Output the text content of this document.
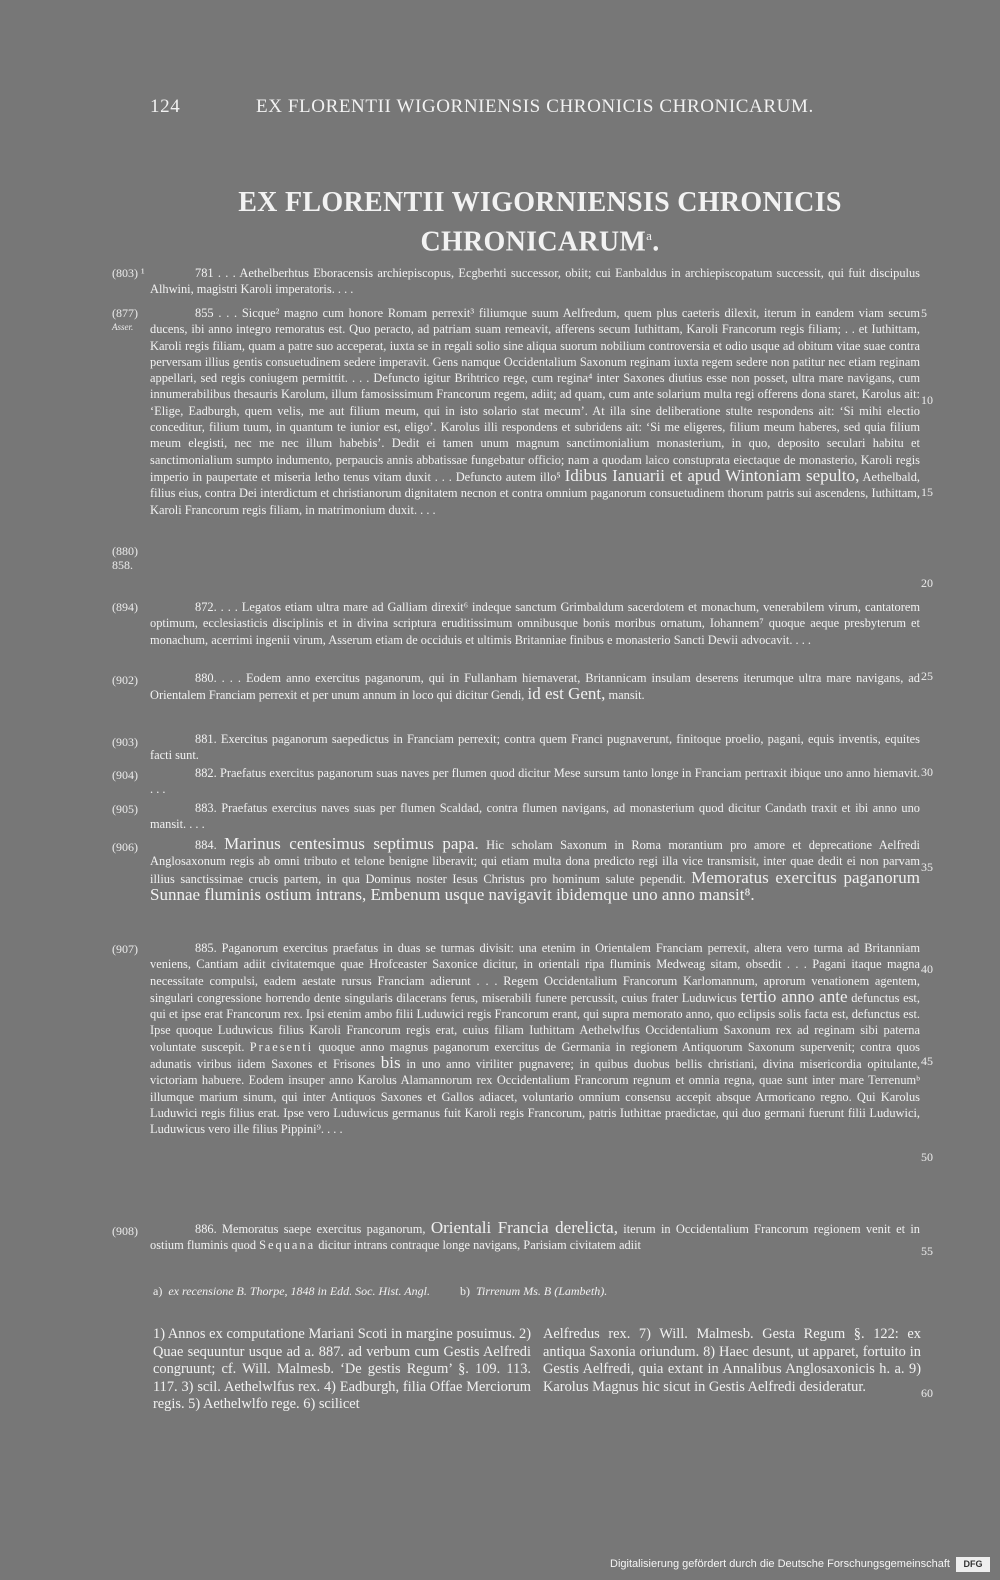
124	EX FLORENTII WIGORNIENSIS CHRONICIS CHRONICARUM.
EX FLORENTII WIGORNIENSIS CHRONICIS
CHRONICARUM$^a$.
(803) ¹
(877)
Asser.
(880)
858.
(894)
(902)
(903)
(904)
(905)
(906)
(907)
(908)
5
10
15
20
25
30
35
40
45
50
55
60
781 . . . Aethelberhtus Eboracensis archiepiscopus, Ecgberhti successor, obiit; cui Eanbaldus in archiepiscopatum successit, qui fuit discipulus Alhwini, magistri Karoli imperatoris. . . .
855 . . . Sicque² magno cum honore Romam perrexit³ filiumque suum Aelfredum, quem plus caeteris dilexit, iterum in eandem viam secum ducens, ibi anno integro remoratus est. Quo peracto, ad patriam suam remeavit, afferens secum Iuthittam, Karoli Francorum regis filiam; . . et Iuthittam, Karoli regis filiam, quam a patre suo acceperat, iuxta se in regali solio sine aliqua suorum nobilium controversia et odio usque ad obitum vitae suae contra perversam illius gentis consuetudinem sedere imperavit. Gens namque Occidentalium Saxonum reginam iuxta regem sedere non patitur nec etiam reginam appellari, sed regis coniugem permittit. . . . Defuncto igitur Brihtrico rege, cum regina⁴ inter Saxones diutius esse non posset, ultra mare navigans, cum innumerabilibus thesauris Karolum, illum famosissimum Francorum regem, adiit; ad quam, cum ante solarium multa regi offerens dona staret, Karolus ait: ‘Elige, Eadburgh, quem velis, me aut filium meum, qui in isto solario stat mecum’. At illa sine deliberatione stulte respondens ait: ‘Si mihi electio conceditur, filium tuum, in quantum te iunior est, eligo’. Karolus illi respondens et subridens ait: ‘Si me eligeres, filium meum haberes, sed quia filium meum elegisti, nec me nec illum habebis’. Dedit ei tamen unum magnum sanctimonialium monasterium, in quo, deposito seculari habitu et sanctimonialium sumpto indumento, perpaucis annis abbatissae fungebatur officio; nam a quodam laico constuprata eiectaque de monasterio, Karoli regis imperio in paupertate et miseria letho tenus vitam duxit . . . Defuncto autem illo⁵ Idibus Ianuarii et apud Wintoniam sepulto, Aethelbald, filius eius, contra Dei interdictum et christianorum dignitatem necnon et contra omnium paganorum consuetudinem thorum patris sui ascendens, Iuthittam, Karoli Francorum regis filiam, in matrimonium duxit. . . .
872. . . . Legatos etiam ultra mare ad Galliam direxit⁶ indeque sanctum Grimbaldum sacerdotem et monachum, venerabilem virum, cantatorem optimum, ecclesiasticis disciplinis et in divina scriptura eruditissimum omnibusque bonis moribus ornatum, Iohannem⁷ quoque aeque presbyterum et monachum, acerrimi ingenii virum, Asserum etiam de occiduis et ultimis Britanniae finibus e monasterio Sancti Dewii advocavit. . . .
880. . . . Eodem anno exercitus paganorum, qui in Fullanham hiemaverat, Britannicam insulam deserens iterumque ultra mare navigans, ad Orientalem Franciam perrexit et per unum annum in loco qui dicitur Gendi, id est Gent, mansit.
881. Exercitus paganorum saepedictus in Franciam perrexit; contra quem Franci pugnaverunt, finitoque proelio, pagani, equis inventis, equites facti sunt.
882. Praefatus exercitus paganorum suas naves per flumen quod dicitur Mese sursum tanto longe in Franciam pertraxit ibique uno anno hiemavit. . . .
883. Praefatus exercitus naves suas per flumen Scaldad, contra flumen navigans, ad monasterium quod dicitur Candath traxit et ibi anno uno mansit. . . .
884. Marinus centesimus septimus papa. Hic scholam Saxonum in Roma morantium pro amore et deprecatione Aelfredi Anglosaxonum regis ab omni tributo et telone benigne liberavit; qui etiam multa dona predicto regi illa vice transmisit, inter quae dedit ei non parvam illius sanctissimae crucis partem, in qua Dominus noster Iesus Christus pro hominum salute pependit. Memoratus exercitus paganorum Sunnae fluminis ostium intrans, Embenum usque navigavit ibidemque uno anno mansit⁸.
885. Paganorum exercitus praefatus in duas se turmas divisit: una etenim in Orientalem Franciam perrexit, altera vero turma ad Britanniam veniens, Cantiam adiit civitatemque quae Hrofceaster Saxonice dicitur, in orientali ripa fluminis Medweag sitam, obsedit . . . Pagani itaque magna necessitate compulsi, eadem aestate rursus Franciam adierunt . . . Regem Occidentalium Francorum Karlomannum, aprorum venationem agentem, singulari congressione horrendo dente singularis dilacerans ferus, miserabili funere percussit, cuius frater Luduwicus tertio anno ante defunctus est, qui et ipse erat Francorum rex. Ipsi etenim ambo filii Luduwici regis Francorum erant, qui supra memorato anno, quo eclipsis solis facta est, defunctus est. Ipse quoque Luduwicus filius Karoli Francorum regis erat, cuius filiam Iuthittam Aethelwlfus Occidentalium Saxonum rex ad reginam sibi paterna voluntate suscepit. Praesenti quoque anno magnus paganorum exercitus de Germania in regionem Antiquorum Saxonum supervenit; contra quos adunatis viribus iidem Saxones et Frisones bis in uno anno viriliter pugnavere; in quibus duobus bellis christiani, divina misericordia opitulante, victoriam habuere. Eodem insuper anno Karolus Alamannorum rex Occidentalium Francorum regnum et omnia regna, quae sunt inter mare Terrenumᵇ illumque marium sinum, qui inter Antiquos Saxones et Gallos adiacet, voluntario omnium consensu accepit absque Armoricano regno. Qui Karolus Luduwici regis filius erat. Ipse vero Luduwicus germanus fuit Karoli regis Francorum, patris Iuthittae praedictae, qui duo germani fuerunt filii Luduwici, Luduwicus vero ille filius Pippini⁹. . . .
886. Memoratus saepe exercitus paganorum, Orientali Francia derelicta, iterum in Occidentalium Francorum regionem venit et in ostium fluminis quod Sequana dicitur intrans contraque longe navigans, Parisiam civitatem adiit
a) ex recensione B. Thorpe, 1848 in Edd. Soc. Hist. Angl.	b) Tirrenum Ms. B (Lambeth).
1) Annos ex computatione Mariani Scoti in margine posuimus. 2) Quae sequuntur usque ad a. 887. ad verbum cum Gestis Aelfredi congruunt; cf. Will. Malmesb. ‘De gestis Regum’ §. 109. 113. 117. 3) scil. Aethelwlfus rex. 4) Eadburgh, filia Offae Merciorum regis. 5) Aethelwlfo rege. 6) scilicet
Aelfredus rex. 7) Will. Malmesb. Gesta Regum §. 122: ex antiqua Saxonia oriundum. 8) Haec desunt, ut apparet, fortuito in Gestis Aelfredi, quia extant in Annalibus Anglosaxonicis h. a. 9) Karolus Magnus hic sicut in Gestis Aelfredi desideratur.
Digitalisierung gefördert durch die Deutsche Forschungsgemeinschaft	DFG
